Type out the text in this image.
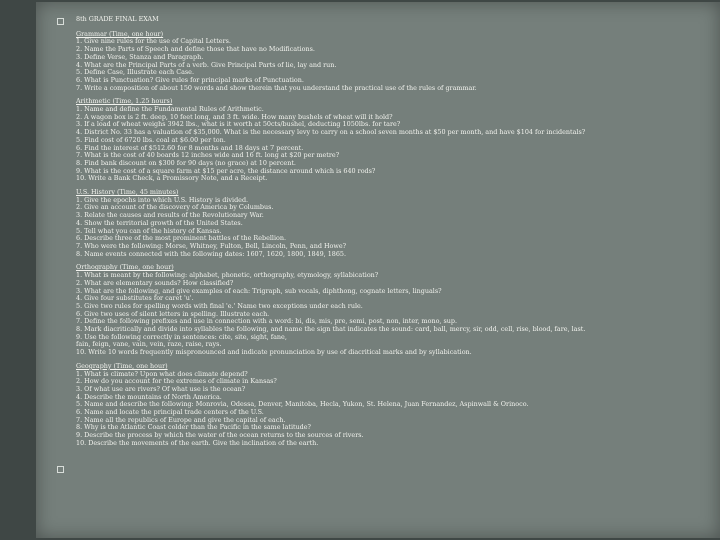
8th GRADE FINAL EXAM
Grammar (Time, one hour)
1. Give nine rules for the use of Capital Letters.
2. Name the Parts of Speech and define those that have no Modifications.
3. Define Verse, Stanza and Paragraph.
4. What are the Principal Parts of a verb. Give Principal Parts of lie, lay and run.
5. Define Case, Illustrate each Case.
6. What is Punctuation? Give rules for principal marks of Punctuation.
7. Write a composition of about 150 words and show therein that you understand the practical use of the rules of grammar.
Arithmetic (Time, 1.25 hours)
1. Name and define the Fundamental Rules of Arithmetic.
2. A wagon box is 2 ft. deep, 10 feet long, and 3 ft. wide. How many bushels of wheat will it hold?
3. If a load of wheat weighs 3942 lbs., what is it worth at 50cts/bushel, deducting 1050lbs. for tare?
4. District No. 33 has a valuation of $35,000. What is the necessary levy to carry on a school seven months at $50 per month, and have $104 for incidentals?
5. Find cost of 6720 lbs. coal at $6.00 per ton.
6. Find the interest of $512.60 for 8 months and 18 days at 7 percent.
7. What is the cost of 40 boards 12 inches wide and 16 ft. long at $20 per metre?
8. Find bank discount on $300 for 90 days (no grace) at 10 percent.
9. What is the cost of a square farm at $15 per acre, the distance around which is 640 rods?
10. Write a Bank Check, a Promissory Note, and a Receipt.
U.S. History (Time, 45 minutes)
1. Give the epochs into which U.S. History is divided.
2. Give an account of the discovery of America by Columbus.
3. Relate the causes and results of the Revolutionary War.
4. Show the territorial growth of the United States.
5. Tell what you can of the history of Kansas.
6. Describe three of the most prominent battles of the Rebellion.
7. Who were the following: Morse, Whitney, Fulton, Bell, Lincoln, Penn, and Howe?
8. Name events connected with the following dates: 1607, 1620, 1800, 1849, 1865.
Orthography (Time, one hour)
1. What is meant by the following: alphabet, phonetic, orthography, etymology, syllabication?
2. What are elementary sounds? How classified?
3. What are the following, and give examples of each: Trigraph, sub vocals, diphthong, cognate letters, linguals?
4. Give four substitutes for caret 'u'.
5. Give two rules for spelling words with final 'e.' Name two exceptions under each rule.
6. Give two uses of silent letters in spelling. Illustrate each.
7. Define the following prefixes and use in connection with a word: bi, dis, mis, pre, semi, post, non, inter, mono, sup.
8. Mark diacritically and divide into syllables the following, and name the sign that indicates the sound: card, ball, mercy, sir, odd, cell, rise, blood, fare, last.
9. Use the following correctly in sentences: cite, site, sight, fane,
fain, feign, vane, vain, vein, raze, raise, rays.
10. Write 10 words frequently mispronounced and indicate pronunciation by use of diacritical marks and by syllabication.
Geography (Time, one hour)
1. What is climate? Upon what does climate depend?
2. How do you account for the extremes of climate in Kansas?
3. Of what use are rivers? Of what use is the ocean?
4. Describe the mountains of North America.
5. Name and describe the following: Monrovia, Odessa, Denver, Manitoba, Hecla, Yukon, St. Helena, Juan Fernandez, Aspinwall & Orinoco.
6. Name and locate the principal trade centers of the U.S.
7. Name all the republics of Europe and give the capital of each.
8. Why is the Atlantic Coast colder than the Pacific in the same latitude?
9. Describe the process by which the water of the ocean returns to the sources of rivers.
10. Describe the movements of the earth. Give the inclination of the earth.
